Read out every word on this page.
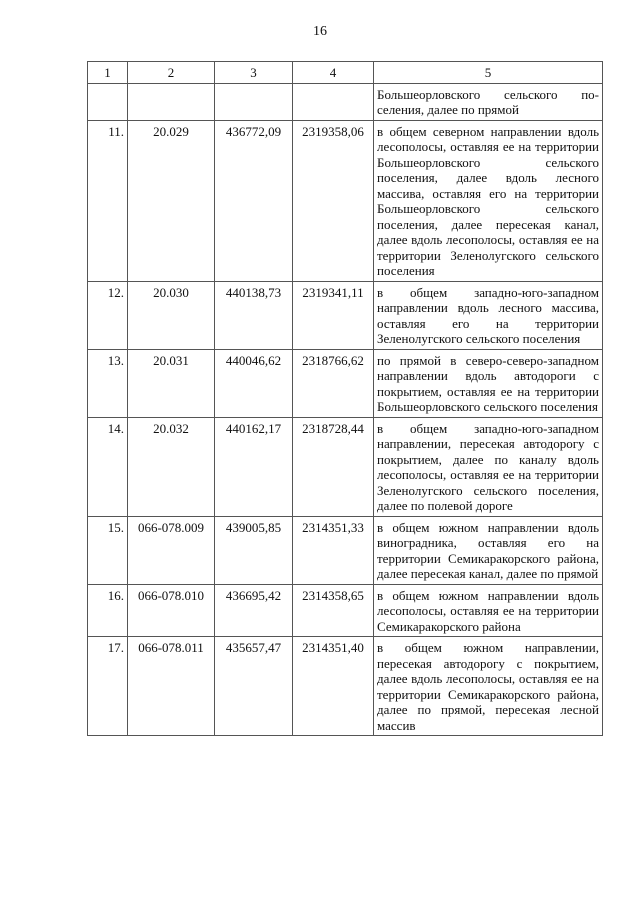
16
1	2	3	4	5
				Большеорловского сельского поселения, далее по прямой
11.	20.029	436772,09	2319358,06	в общем северном направлении вдоль лесополосы, оставляя ее на территории Большеорловского сельского поселения, далее вдоль лесного массива, оставляя его на территории Большеорловского сельского поселения, далее пересекая канал, далее вдоль лесополосы, оставляя ее на территории Зеленолугского сельского поселения
12.	20.030	440138,73	2319341,11	в общем западно-юго-западном направлении вдоль лесного массива, оставляя его на территории Зеленолугского сельского поселения
13.	20.031	440046,62	2318766,62	по прямой в северо-северо-западном направлении вдоль автодороги с покрытием, оставляя ее на территории Большеорловского сельского поселения
14.	20.032	440162,17	2318728,44	в общем западно-юго-западном направлении, пересекая автодорогу с покрытием, далее по каналу вдоль лесополосы, оставляя ее на территории Зеленолугского сельского поселения, далее по полевой дороге
15.	066-078.009	439005,85	2314351,33	в общем южном направлении вдоль виноградника, оставляя его на территории Семикаракорского района, далее пересекая канал, далее по прямой
16.	066-078.010	436695,42	2314358,65	в общем южном направлении вдоль лесополосы, оставляя ее на территории Семикаракорского района
17.	066-078.011	435657,47	2314351,40	в общем южном направлении, пересекая автодорогу с покрытием, далее вдоль лесополосы, оставляя ее на территории Семикаракорского района, далее по прямой, пересекая лесной массив
